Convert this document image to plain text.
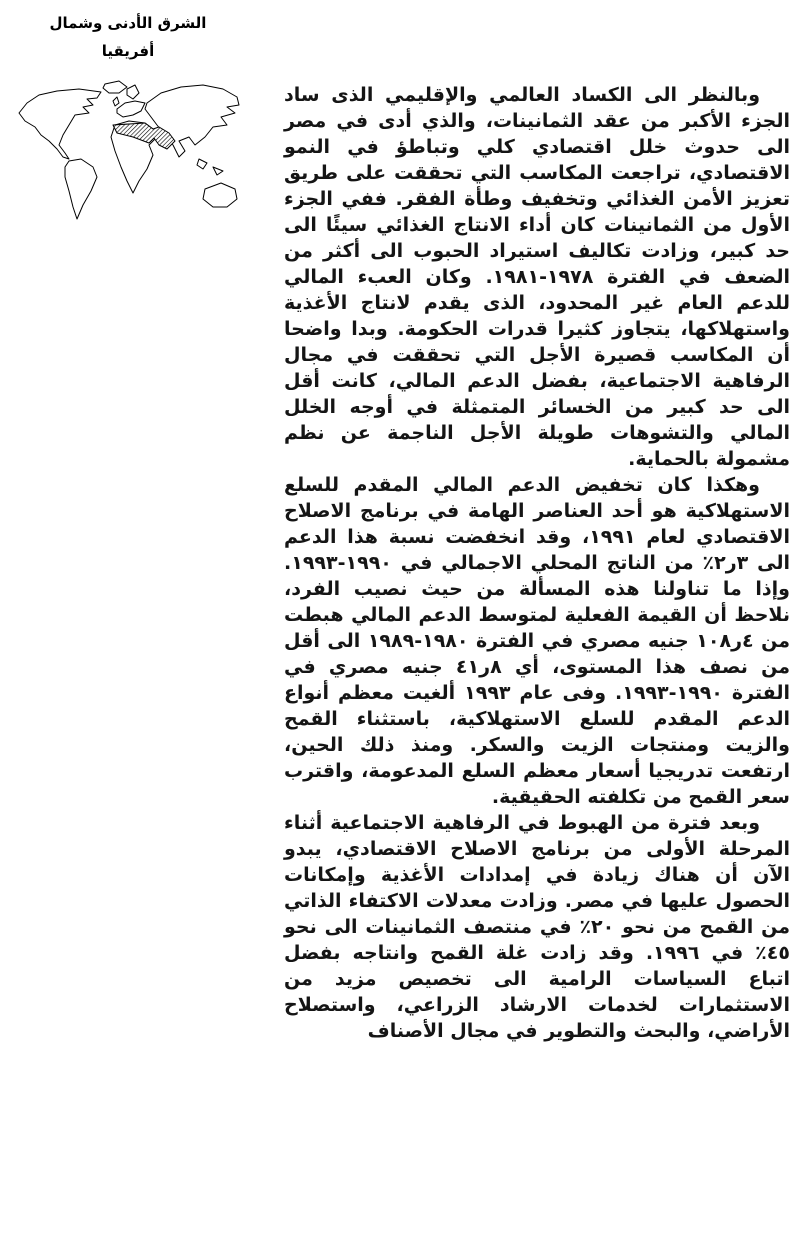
الشرق الأدنى وشمال
أفريقيا

وبالنظر الى الكساد العالمي والإقليمي الذى ساد الجزء الأكبر من عقد الثمانينات، والذي أدى في مصر الى حدوث خلل اقتصادي كلي وتباطؤ في النمو الاقتصادي، تراجعت المكاسب التي تحققت على طريق تعزيز الأمن الغذائي وتخفيف وطأة الفقر. ففي الجزء الأول من الثمانينات كان أداء الانتاج الغذائي سيئًا الى حد كبير، وزادت تكاليف استيراد الحبوب الى أكثر من الضعف في الفترة ١٩٧٨-١٩٨١. وكان العبء المالي للدعم العام غير المحدود، الذى يقدم لانتاج الأغذية واستهلاكها، يتجاوز كثيرا قدرات الحكومة. وبدا واضحا أن المكاسب قصيرة الأجل التي تحققت في مجال الرفاهية الاجتماعية، بفضل الدعم المالي، كانت أقل الى حد كبير من الخسائر المتمثلة في أوجه الخلل المالي والتشوهات طويلة الأجل الناجمة عن نظم مشمولة بالحماية.

وهكذا كان تخفيض الدعم المالي المقدم للسلع الاستهلاكية هو أحد العناصر الهامة في برنامج الاصلاح الاقتصادي لعام ١٩٩١، وقد انخفضت نسبة هذا الدعم الى ٣ر٢٪ من الناتج المحلي الاجمالي في ١٩٩٠-١٩٩٣. وإذا ما تناولنا هذه المسألة من حيث نصيب الفرد، نلاحظ أن القيمة الفعلية لمتوسط الدعم المالي هبطت من ٤ر١٠٨ جنيه مصري في الفترة ١٩٨٠-١٩٨٩ الى أقل من نصف هذا المستوى، أي ٨ر٤١ جنيه مصري في الفترة ١٩٩٠-١٩٩٣. وفى عام ١٩٩٣ ألغيت معظم أنواع الدعم المقدم للسلع الاستهلاكية، باستثناء القمح والزيت ومنتجات الزيت والسكر. ومنذ ذلك الحين، ارتفعت تدريجيا أسعار معظم السلع المدعومة، واقترب سعر القمح من تكلفته الحقيقية.

وبعد فترة من الهبوط في الرفاهية الاجتماعية أثناء المرحلة الأولى من برنامج الاصلاح الاقتصادي، يبدو الآن أن هناك زيادة في إمدادات الأغذية وإمكانات الحصول عليها في مصر. وزادت معدلات الاكتفاء الذاتي من القمح من نحو ٢٠٪ في منتصف الثمانينات الى نحو ٤٥٪ في ١٩٩٦. وقد زادت غلة القمح وانتاجه بفضل اتباع السياسات الرامية الى تخصيص مزيد من الاستثمارات لخدمات الارشاد الزراعي، واستصلاح الأراضي، والبحث والتطوير في مجال الأصناف
